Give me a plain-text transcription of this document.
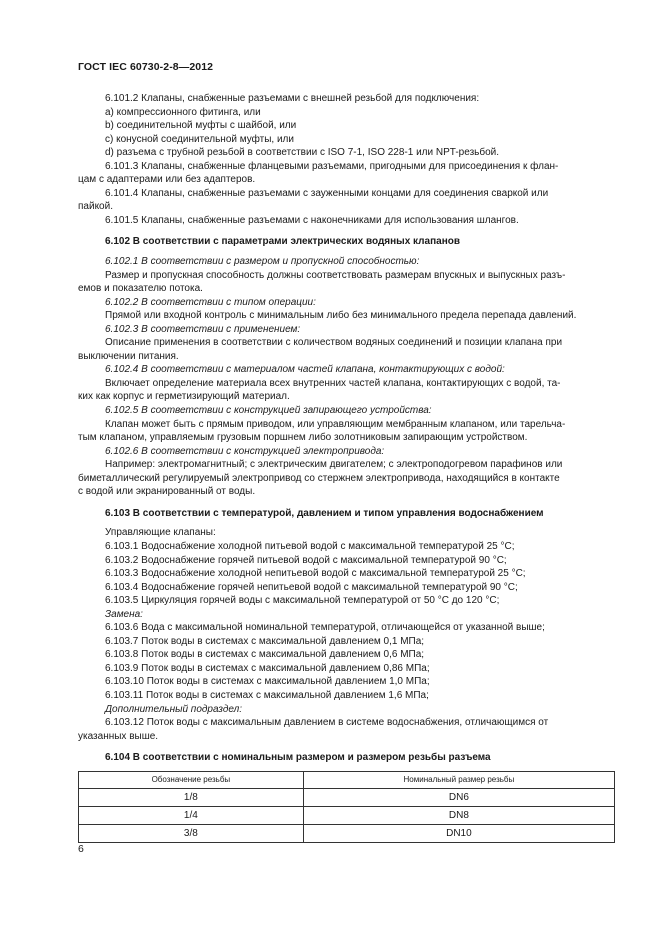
ГОСТ IEC 60730-2-8—2012
6.101.2 Клапаны, снабженные разъемами с внешней резьбой для подключения:
а) компрессионного фитинга, или
b) соединительной муфты с шайбой, или
с) конусной соединительной муфты, или
d) разъема с трубной резьбой в соответствии с ISO 7-1, ISO 228-1 или NPT-резьбой.
6.101.3 Клапаны, снабженные фланцевыми разъемами, пригодными для присоединения к флан-
цам с адаптерами или без адаптеров.
6.101.4 Клапаны, снабженные разъемами с зауженными концами для соединения сваркой или
пайкой.
6.101.5 Клапаны, снабженные разъемами с наконечниками для использования шлангов.
6.102 В соответствии с параметрами электрических водяных клапанов
6.102.1 В соответствии с размером и пропускной способностью:
Размер и пропускная способность должны соответствовать размерам впускных и выпускных разъ-
емов и показателю потока.
6.102.2 В соответствии с типом операции:
Прямой или входной контроль с минимальным либо без минимального предела перепада давлений.
6.102.3 В соответствии с применением:
Описание применения в соответствии с количеством водяных соединений и позиции клапана при
выключении питания.
6.102.4 В соответствии с материалом частей клапана, контактирующих с водой:
Включает определение материала всех внутренних частей клапана, контактирующих с водой, та-
ких как корпус и герметизирующий материал.
6.102.5 В соответствии с конструкцией запирающего устройства:
Клапан может быть с прямым приводом, или управляющим мембранным клапаном, или тарельча-
тым клапаном, управляемым грузовым поршнем либо золотниковым запирающим устройством.
6.102.6 В соответствии с конструкцией электропривода:
Например: электромагнитный; с электрическим двигателем; с электроподогревом парафинов или
биметаллический регулируемый электропривод со стержнем электропривода, находящийся в контакте
с водой или экранированный от воды.
6.103 В соответствии с температурой, давлением и типом управления водоснабжением
Управляющие клапаны:
6.103.1 Водоснабжение холодной питьевой водой с максимальной температурой 25 °C;
6.103.2 Водоснабжение горячей питьевой водой с максимальной температурой 90 °C;
6.103.3 Водоснабжение холодной непитьевой водой с максимальной температурой 25 °C;
6.103.4 Водоснабжение горячей непитьевой водой с максимальной температурой 90 °C;
6.103.5 Циркуляция горячей воды с максимальной температурой от 50 °C до 120 °C;
Замена:
6.103.6 Вода с максимальной номинальной температурой, отличающейся от указанной выше;
6.103.7 Поток воды в системах с максимальной давлением 0,1 МПа;
6.103.8 Поток воды в системах с максимальной давлением 0,6 МПа;
6.103.9 Поток воды в системах с максимальной давлением 0,86 МПа;
6.103.10 Поток воды в системах с максимальной давлением 1,0 МПа;
6.103.11 Поток воды в системах с максимальной давлением 1,6 МПа;
Дополнительный подраздел:
6.103.12 Поток воды с максимальным давлением в системе водоснабжения, отличающимся от
указанных выше.
6.104 В соответствии с номинальным размером и размером резьбы разъема
Обозначение резьбы	Номинальный размер резьбы
1/8	DN6
1/4	DN8
3/8	DN10
6
